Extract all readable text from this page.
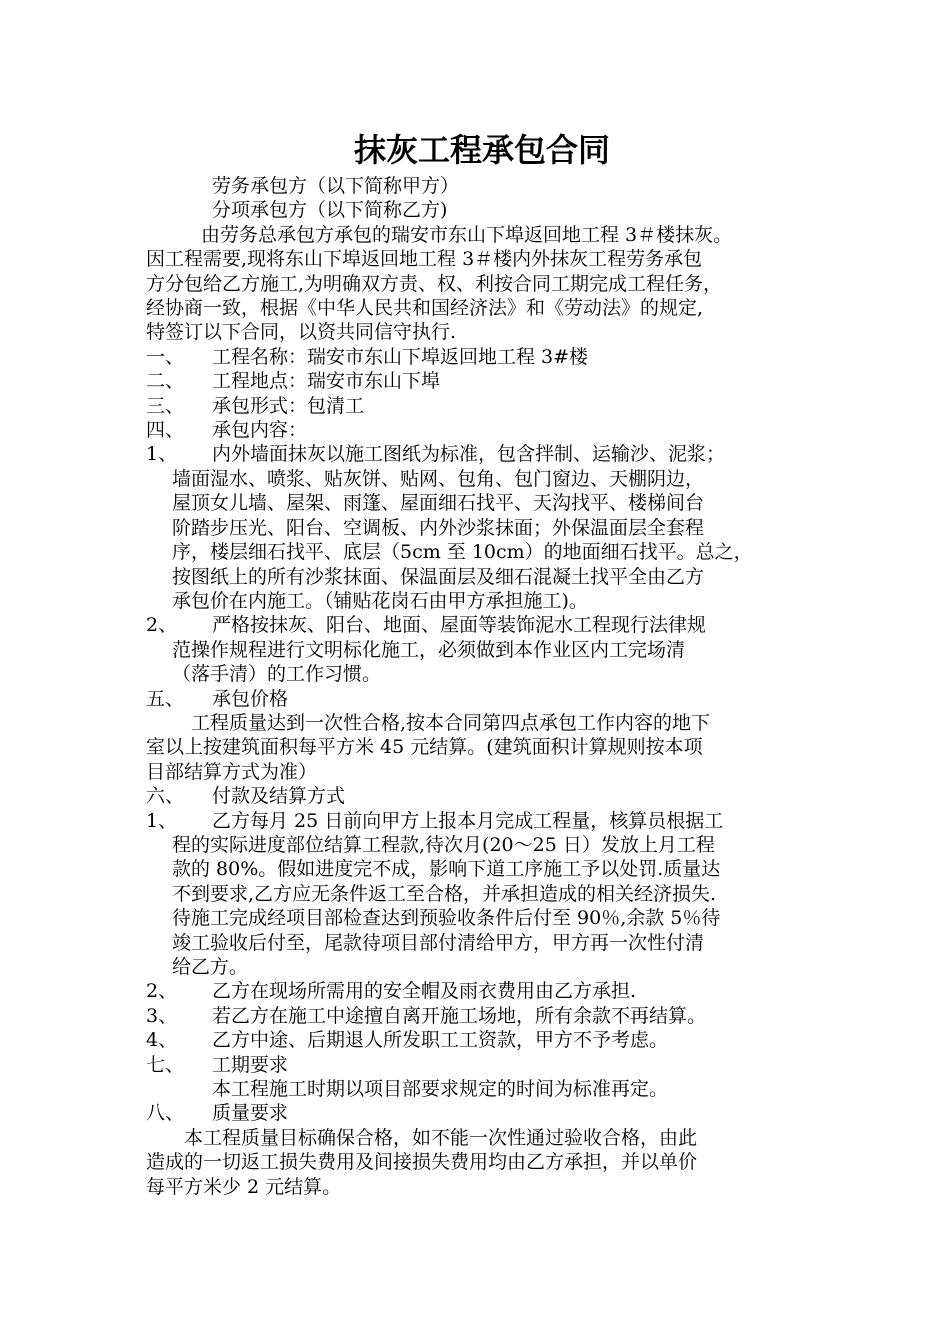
抹灰工程承包合同

劳务承包方（以下简称甲方）

分项承包方（以下简称乙方)

由劳务总承包方承包的瑞安市东山下埠返回地工程 3＃楼抹灰。

因工程需要,现将东山下埠返回地工程 3＃楼内外抹灰工程劳务承包

方分包给乙方施工,为明确双方责、权、利按合同工期完成工程任务，

经协商一致，根据《中华人民共和国经济法》和《劳动法》的规定,

特签订以下合同，以资共同信守执行.

一、	工程名称：瑞安市东山下埠返回地工程 3#楼
二、	工程地点：瑞安市东山下埠
三、	承包形式：包清工
四、	承包内容：
1、	内外墙面抹灰以施工图纸为标准，包含拌制、运输沙、泥浆；

墙面湿水、喷浆、贴灰饼、贴网、包角、包门窗边、天棚阴边，

屋顶女儿墙、屋架、雨篷、屋面细石找平、天沟找平、楼梯间台

阶踏步压光、阳台、空调板、内外沙浆抹面；外保温面层全套程

序，楼层细石找平、底层（5cm 至 10cm）的地面细石找平。总之，

按图纸上的所有沙浆抹面、保温面层及细石混凝土找平全由乙方

承包价在内施工。（铺贴花岗石由甲方承担施工)。

2、	严格按抹灰、阳台、地面、屋面等装饰泥水工程现行法律规

范操作规程进行文明标化施工，必须做到本作业区内工完场清

（落手清）的工作习惯。

五、	承包价格

工程质量达到一次性合格,按本合同第四点承包工作内容的地下

室以上按建筑面积每平方米 45 元结算。(建筑面积计算规则按本项

目部结算方式为准）

六、	付款及结算方式
1、	乙方每月 25 日前向甲方上报本月完成工程量，核算员根据工

程的实际进度部位结算工程款,待次月(20～25 日）发放上月工程

款的 80%。假如进度完不成，影响下道工序施工予以处罚.质量达

不到要求,乙方应无条件返工至合格，并承担造成的相关经济损失.

待施工完成经项目部检查达到预验收条件后付至 90％,余款 5％待

竣工验收后付至，尾款待项目部付清给甲方，甲方再一次性付清

给乙方。

2、	乙方在现场所需用的安全帽及雨衣费用由乙方承担.
3、	若乙方在施工中途擅自离开施工场地，所有余款不再结算。
4、	乙方中途、后期退人所发职工工资款，甲方不予考虑。
七、	工期要求

本工程施工时期以项目部要求规定的时间为标准再定。

八、	质量要求

本工程质量目标确保合格，如不能一次性通过验收合格，由此

造成的一切返工损失费用及间接损失费用均由乙方承担，并以单价

每平方米少 2 元结算。
